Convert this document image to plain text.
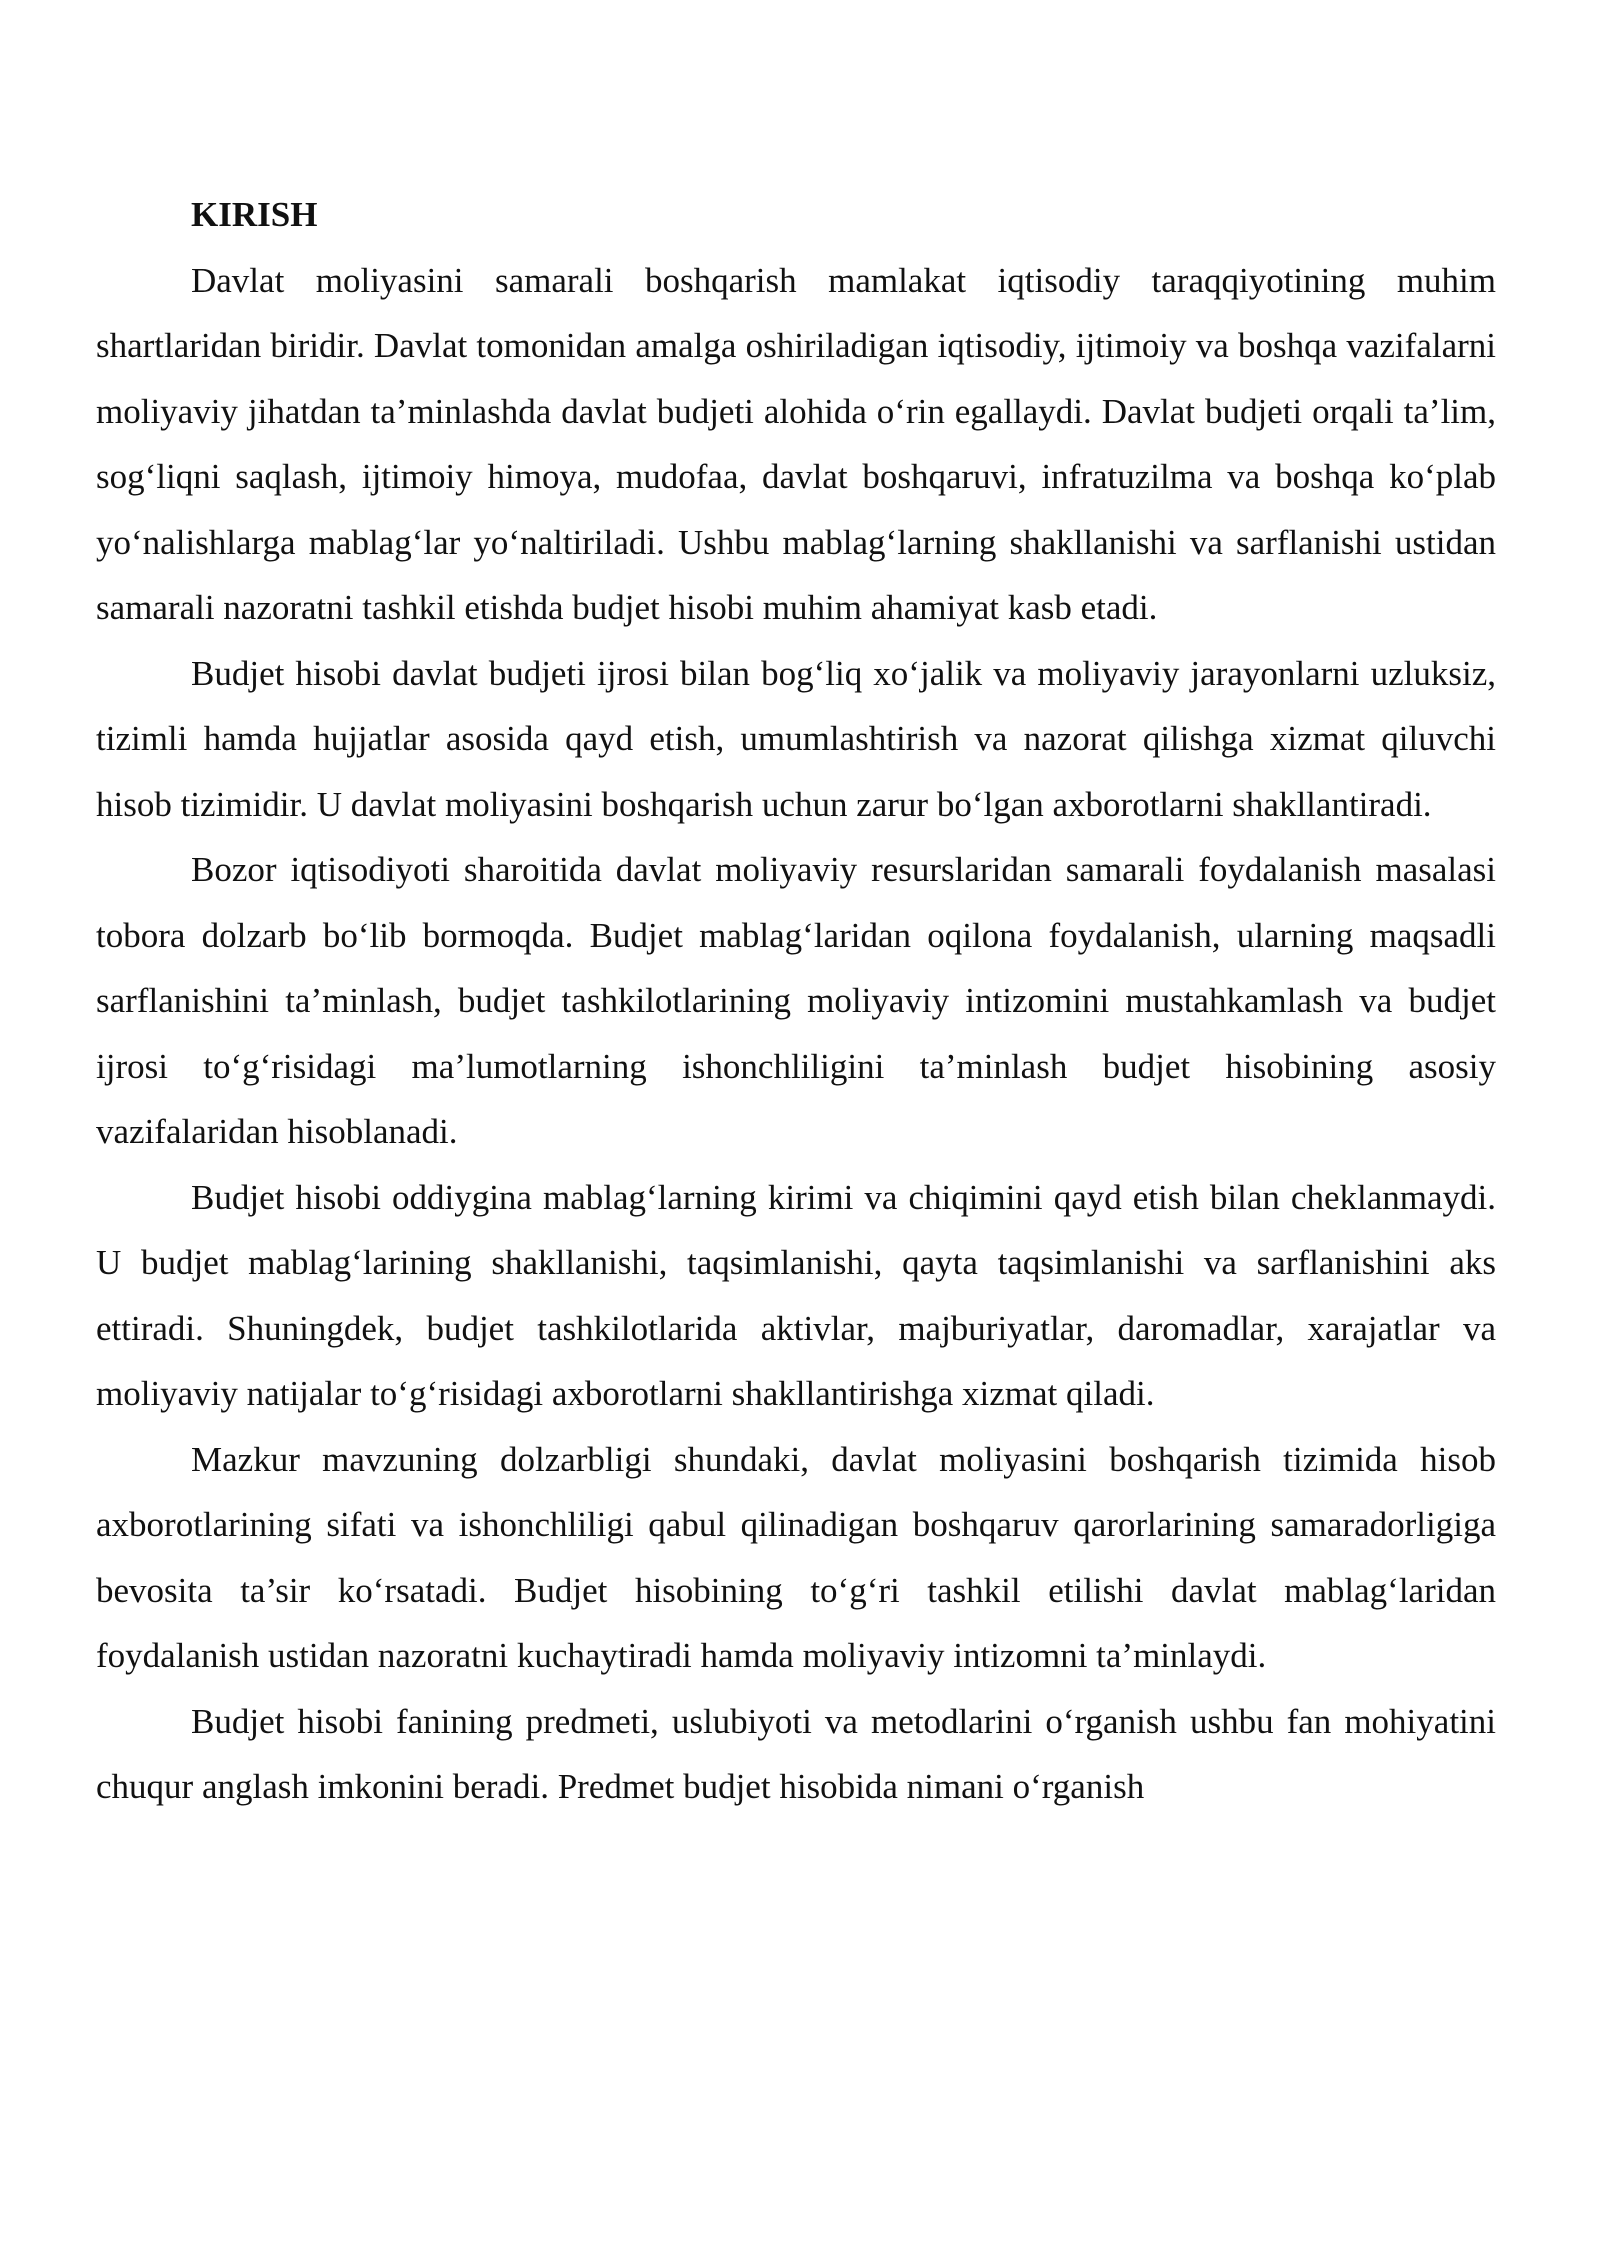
KIRISH

Davlat moliyasini samarali boshqarish mamlakat iqtisodiy taraqqiyotining muhim shartlaridan biridir. Davlat tomonidan amalga oshiriladigan iqtisodiy, ijtimoiy va boshqa vazifalarni moliyaviy jihatdan ta’minlashda davlat budjeti alohida o‘rin egallaydi. Davlat budjeti orqali ta’lim, sog‘liqni saqlash, ijtimoiy himoya, mudofaa, davlat boshqaruvi, infratuzilma va boshqa ko‘plab yo‘nalishlarga mablag‘lar yo‘naltiriladi. Ushbu mablag‘larning shakllanishi va sarflanishi ustidan samarali nazoratni tashkil etishda budjet hisobi muhim ahamiyat kasb etadi.

Budjet hisobi davlat budjeti ijrosi bilan bog‘liq xo‘jalik va moliyaviy jarayonlarni uzluksiz, tizimli hamda hujjatlar asosida qayd etish, umumlashtirish va nazorat qilishga xizmat qiluvchi hisob tizimidir. U davlat moliyasini boshqarish uchun zarur bo‘lgan axborotlarni shakllantiradi.

Bozor iqtisodiyoti sharoitida davlat moliyaviy resurslaridan samarali foydalanish masalasi tobora dolzarb bo‘lib bormoqda. Budjet mablag‘laridan oqilona foydalanish, ularning maqsadli sarflanishini ta’minlash, budjet tashkilotlarining moliyaviy intizomini mustahkamlash va budjet ijrosi to‘g‘risidagi ma’lumotlarning ishonchliligini ta’minlash budjet hisobining asosiy vazifalaridan hisoblanadi.

Budjet hisobi oddiygina mablag‘larning kirimi va chiqimini qayd etish bilan cheklanmaydi. U budjet mablag‘larining shakllanishi, taqsimlanishi, qayta taqsimlanishi va sarflanishini aks ettiradi. Shuningdek, budjet tashkilotlarida aktivlar, majburiyatlar, daromadlar, xarajatlar va moliyaviy natijalar to‘g‘risidagi axborotlarni shakllantirishga xizmat qiladi.

Mazkur mavzuning dolzarbligi shundaki, davlat moliyasini boshqarish tizimida hisob axborotlarining sifati va ishonchliligi qabul qilinadigan boshqaruv qarorlarining samaradorligiga bevosita ta’sir ko‘rsatadi. Budjet hisobining to‘g‘ri tashkil etilishi davlat mablag‘laridan foydalanish ustidan nazoratni kuchaytiradi hamda moliyaviy intizomni ta’minlaydi.

Budjet hisobi fanining predmeti, uslubiyoti va metodlarini o‘rganish ushbu fan mohiyatini chuqur anglash imkonini beradi. Predmet budjet hisobida nimani o‘rganish
